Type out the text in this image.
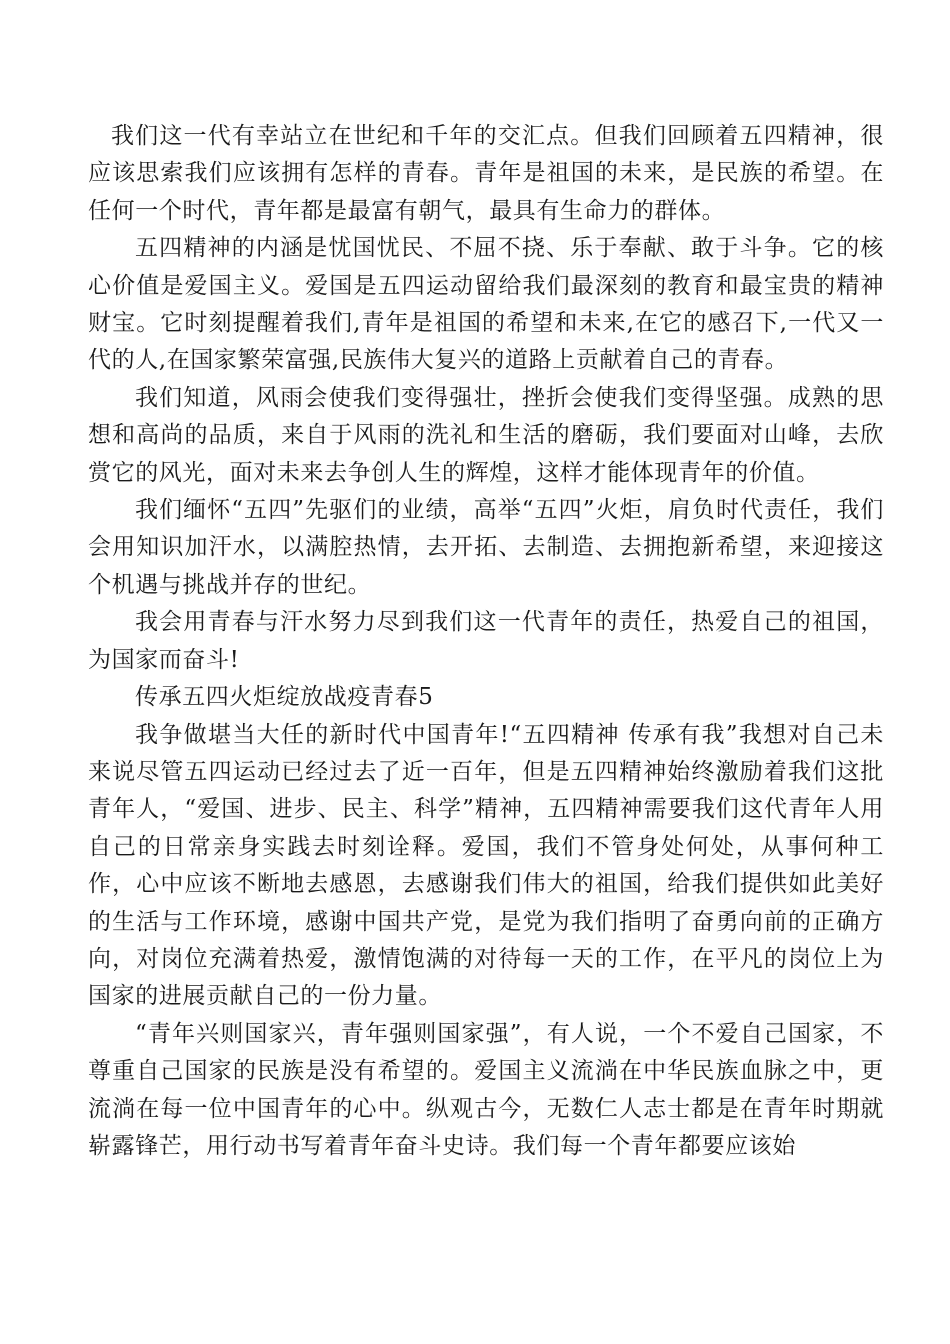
我们这一代有幸站立在世纪和千年的交汇点。但我们回顾着五四精神，很应该思索我们应该拥有怎样的青春。青年是祖国的未来，是民族的希望。在任何一个时代，青年都是最富有朝气，最具有生命力的群体。

五四精神的内涵是忧国忧民、不屈不挠、乐于奉献、敢于斗争。它的核心价值是爱国主义。爱国是五四运动留给我们最深刻的教育和最宝贵的精神财宝。它时刻提醒着我们,青年是祖国的希望和未来,在它的感召下,一代又一代的人,在国家繁荣富强,民族伟大复兴的道路上贡献着自己的青春。

我们知道，风雨会使我们变得强壮，挫折会使我们变得坚强。成熟的思想和高尚的品质，来自于风雨的洗礼和生活的磨砺，我们要面对山峰，去欣赏它的风光，面对未来去争创人生的辉煌，这样才能体现青年的价值。

我们缅怀“五四”先驱们的业绩，高举“五四”火炬，肩负时代责任，我们会用知识加汗水，以满腔热情，去开拓、去制造、去拥抱新希望，来迎接这个机遇与挑战并存的世纪。

我会用青春与汗水努力尽到我们这一代青年的责任，热爱自己的祖国，为国家而奋斗!

传承五四火炬绽放战疫青春5

我争做堪当大任的新时代中国青年!“五四精神 传承有我”我想对自己未来说尽管五四运动已经过去了近一百年，但是五四精神始终激励着我们这批青年人，“爱国、进步、民主、科学”精神，五四精神需要我们这代青年人用自己的日常亲身实践去时刻诠释。爱国，我们不管身处何处，从事何种工作，心中应该不断地去感恩，去感谢我们伟大的祖国，给我们提供如此美好的生活与工作环境，感谢中国共产党，是党为我们指明了奋勇向前的正确方向，对岗位充满着热爱，激情饱满的对待每一天的工作，在平凡的岗位上为国家的进展贡献自己的一份力量。

“青年兴则国家兴，青年强则国家强”，有人说，一个不爱自己国家，不尊重自己国家的民族是没有希望的。爱国主义流淌在中华民族血脉之中，更流淌在每一位中国青年的心中。纵观古今，无数仁人志士都是在青年时期就崭露锋芒，用行动书写着青年奋斗史诗。我们每一个青年都要应该始
